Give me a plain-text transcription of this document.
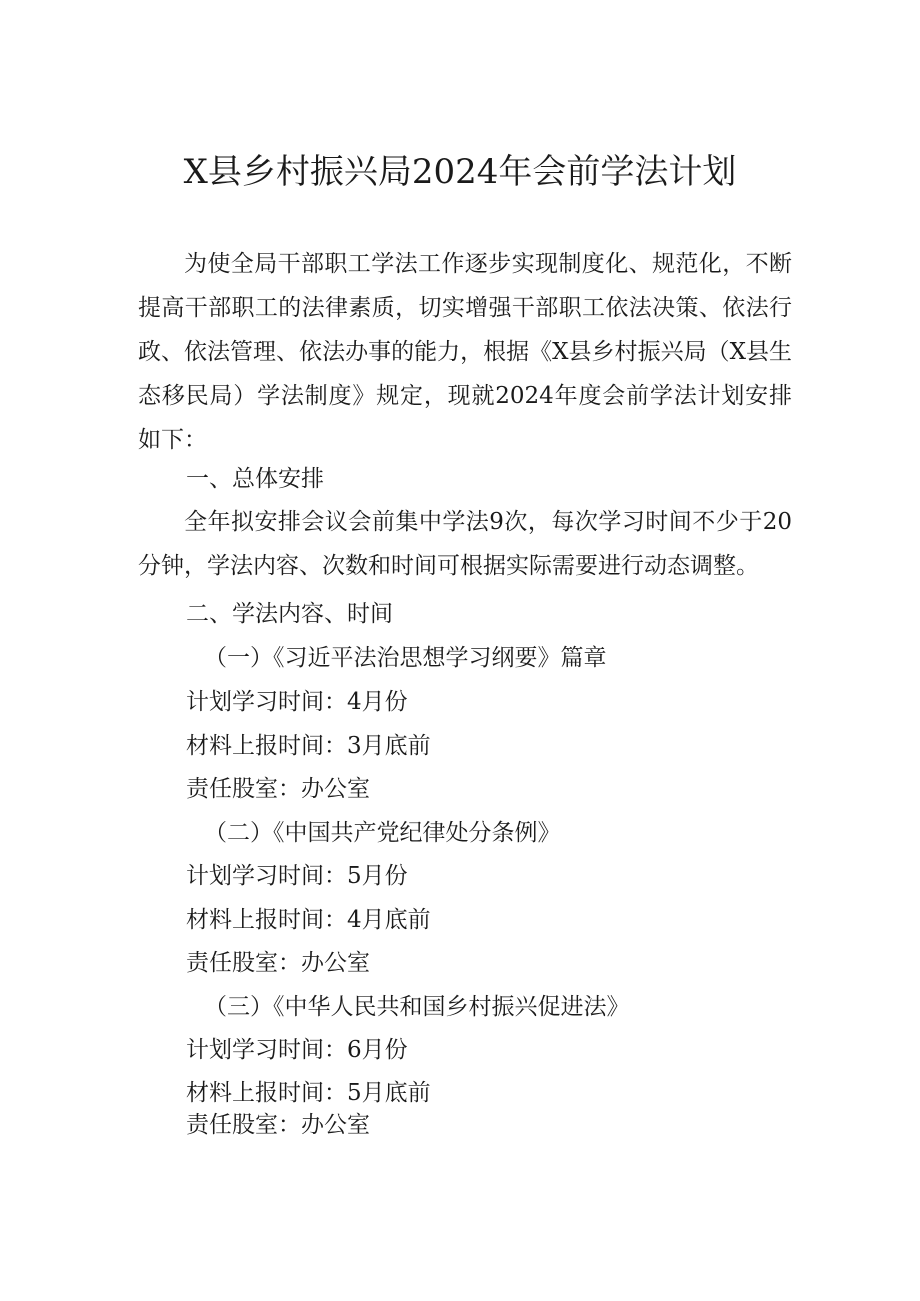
X县乡村振兴局2024年会前学法计划

为使全局干部职工学法工作逐步实现制度化、规范化，不断提高干部职工的法律素质，切实增强干部职工依法决策、依法行政、依法管理、依法办事的能力，根据《X县乡村振兴局（X县生态移民局）学法制度》规定，现就2024年度会前学法计划安排如下：

一、总体安排

全年拟安排会议会前集中学法9次，每次学习时间不少于20分钟，学法内容、次数和时间可根据实际需要进行动态调整。

二、学法内容、时间
（一）《习近平法治思想学习纲要》篇章
计划学习时间：4月份
材料上报时间：3月底前
责任股室：办公室
（二）《中国共产党纪律处分条例》
计划学习时间：5月份
材料上报时间：4月底前
责任股室：办公室
（三）《中华人民共和国乡村振兴促进法》
计划学习时间：6月份
材料上报时间：5月底前
责任股室：办公室
